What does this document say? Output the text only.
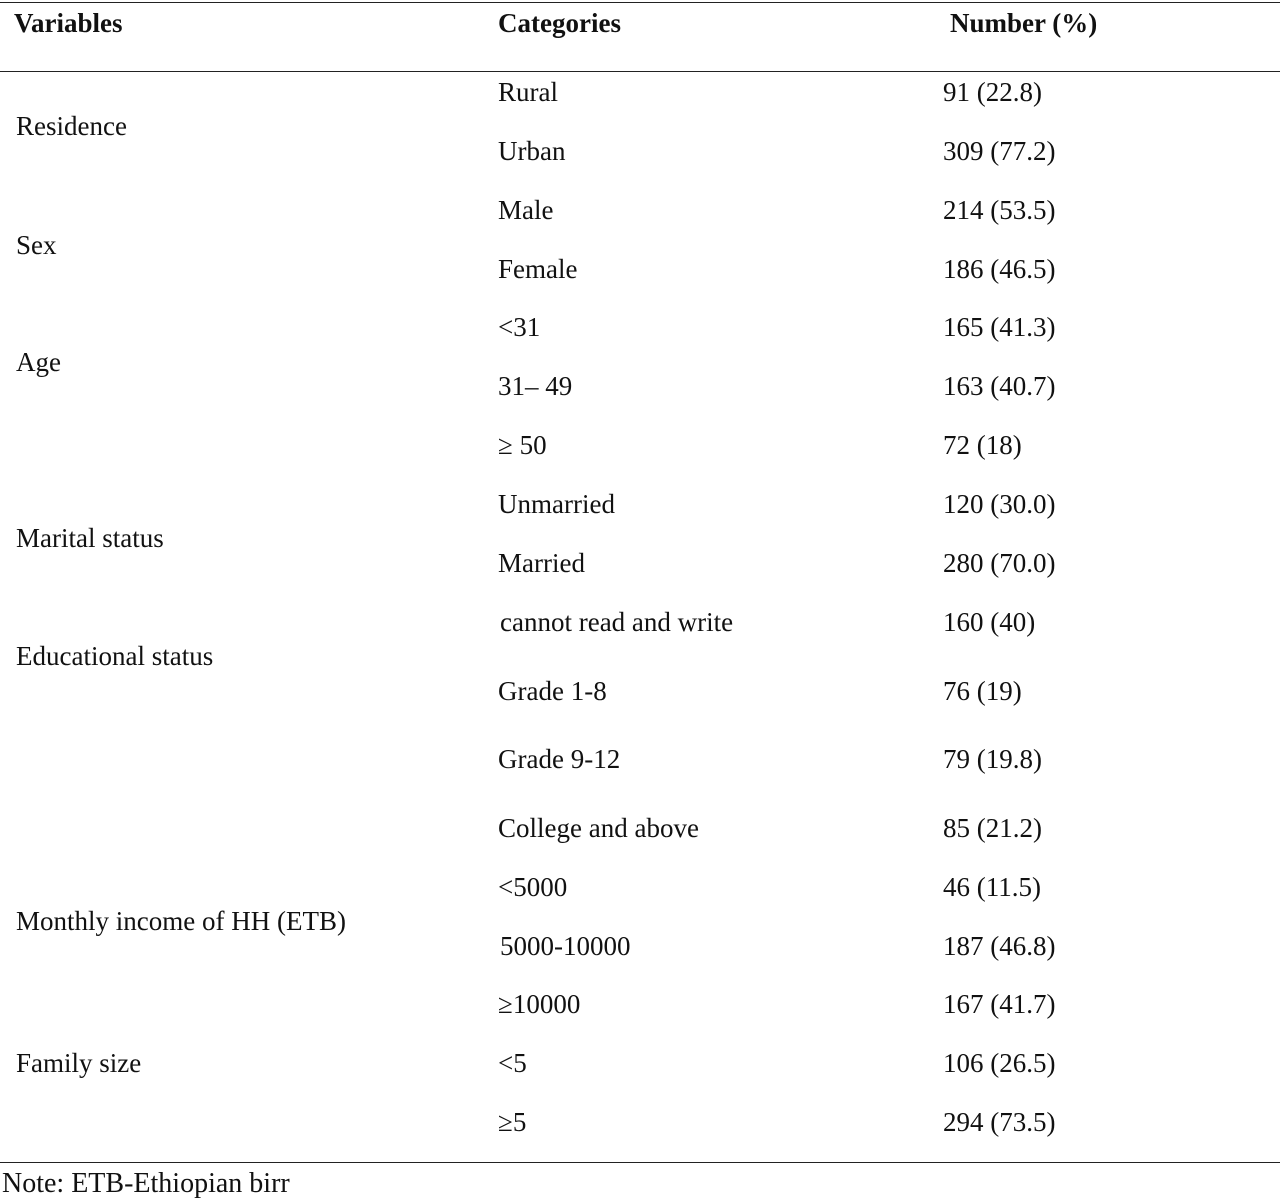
Variables	Categories	Number (%)
Residence
Rural	91 (22.8)
Urban	309 (77.2)
Sex
Male	214 (53.5)
Female	186 (46.5)
Age
<31	165 (41.3)
31– 49	163 (40.7)
≥ 50	72 (18)
Marital status
Unmarried	120 (30.0)
Married	280 (70.0)
Educational status
cannot read and write	160 (40)
Grade 1-8	76 (19)
Grade 9-12	79 (19.8)
College and above	85 (21.2)
Monthly income of HH (ETB)
<5000	46 (11.5)
5000-10000	187 (46.8)
≥10000	167 (41.7)
Family size	<5	106 (26.5)
≥5	294 (73.5)
Note: ETB-Ethiopian birr
